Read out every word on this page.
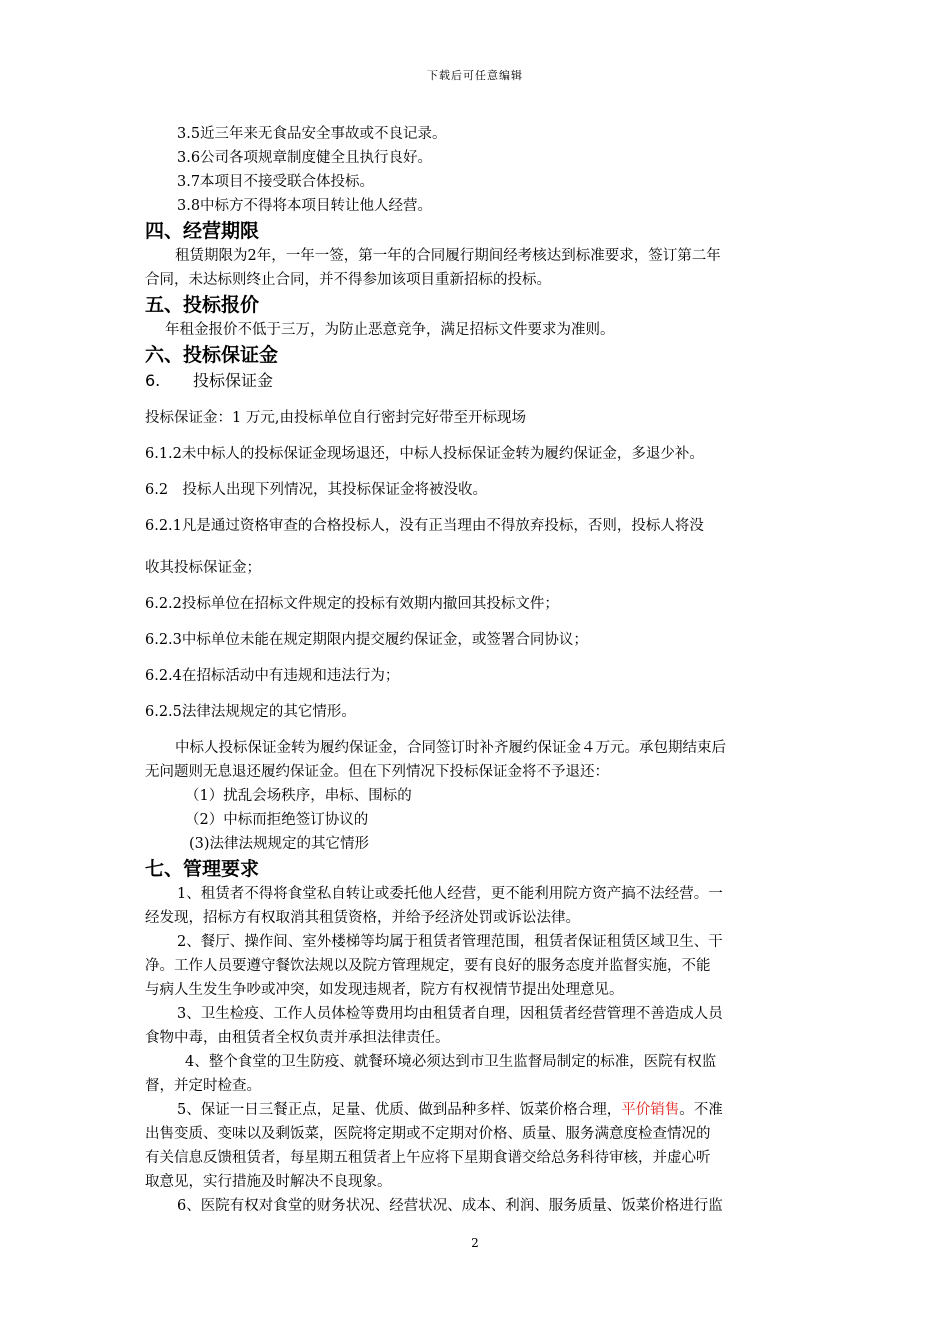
下载后可任意编辑

3.5近三年来无食品安全事故或不良记录。

3.6公司各项规章制度健全且执行良好。

3.7本项目不接受联合体投标。

3.8中标方不得将本项目转让他人经营。

四、经营期限

租赁期限为2年，一年一签，第一年的合同履行期间经考核达到标准要求，签订第二年

合同，未达标则终止合同，并不得参加该项目重新招标的投标。

五、投标报价

年租金报价不低于三万，为防止恶意竞争，满足招标文件要求为准则。

六、投标保证金
6. 投标保证金

投标保证金：1 万元,由投标单位自行密封完好带至开标现场

6.1.2未中标人的投标保证金现场退还，中标人投标保证金转为履约保证金，多退少补。

6.2　投标人出现下列情况，其投标保证金将被没收。

6.2.1凡是通过资格审查的合格投标人，没有正当理由不得放弃投标，否则，投标人将没

收其投标保证金；

6.2.2投标单位在招标文件规定的投标有效期内撤回其投标文件；

6.2.3中标单位未能在规定期限内提交履约保证金，或签署合同协议；

6.2.4在招标活动中有违规和违法行为；

6.2.5法律法规规定的其它情形。

中标人投标保证金转为履约保证金，合同签订时补齐履约保证金４万元。承包期结束后

无问题则无息退还履约保证金。但在下列情况下投标保证金将不予退还：

（1）扰乱会场秩序，串标、围标的

（2）中标而拒绝签订协议的

(3)法律法规规定的其它情形

七、管理要求

1、租赁者不得将食堂私自转让或委托他人经营，更不能利用院方资产搞不法经营。一

经发现，招标方有权取消其租赁资格，并给予经济处罚或诉讼法律。

2、餐厅、操作间、室外楼梯等均属于租赁者管理范围，租赁者保证租赁区域卫生、干

净。工作人员要遵守餐饮法规以及院方管理规定，要有良好的服务态度并监督实施，不能

与病人生发生争吵或冲突，如发现违规者，院方有权视情节提出处理意见。

3、卫生检疫、工作人员体检等费用均由租赁者自理，因租赁者经营管理不善造成人员

食物中毒，由租赁者全权负责并承担法律责任。

4、整个食堂的卫生防疫、就餐环境必须达到市卫生监督局制定的标准，医院有权监

督，并定时检查。

5、保证一日三餐正点，足量、优质、做到品种多样、饭菜价格合理，平价销售。不准

出售变质、变味以及剩饭菜，医院将定期或不定期对价格、质量、服务满意度检查情况的

有关信息反馈租赁者，每星期五租赁者上午应将下星期食谱交给总务科待审核，并虚心听

取意见，实行措施及时解决不良现象。

6、医院有权对食堂的财务状况、经营状况、成本、利润、服务质量、饭菜价格进行监

2
